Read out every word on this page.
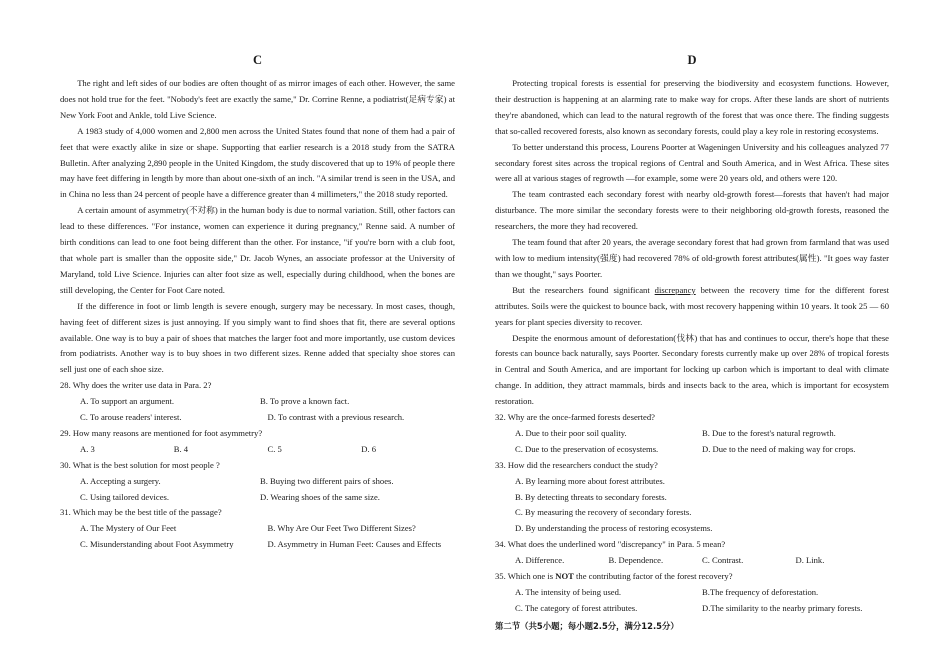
C

The right and left sides of our bodies are often thought of as mirror images of each other. However, the same does not hold true for the feet. "Nobody's feet are exactly the same," Dr. Corrine Renne, a podiatrist(足病专家) at New York Foot and Ankle, told Live Science.

A 1983 study of 4,000 women and 2,800 men across the United States found that none of them had a pair of feet that were exactly alike in size or shape. Supporting that earlier research is a 2018 study from the SATRA Bulletin. After analyzing 2,890 people in the United Kingdom, the study discovered that up to 19% of people there may have feet differing in length by more than about one-sixth of an inch. "A similar trend is seen in the USA, and in China no less than 24 percent of people have a difference greater than 4 millimeters," the 2018 study reported.

A certain amount of asymmetry(不对称) in the human body is due to normal variation. Still, other factors can lead to these differences. "For instance, women can experience it during pregnancy," Renne said. A number of birth conditions can lead to one foot being different than the other. For instance, "if you're born with a club foot, that whole part is smaller than the opposite side," Dr. Jacob Wynes, an associate professor at the University of Maryland, told Live Science. Injuries can alter foot size as well, especially during childhood, when the bones are still developing, the Center for Foot Care noted.

If the difference in foot or limb length is severe enough, surgery may be necessary. In most cases, though, having feet of different sizes is just annoying. If you simply want to find shoes that fit, there are several options available. One way is to buy a pair of shoes that matches the larger foot and more importantly, use custom devices from podiatrists. Another way is to buy shoes in two different sizes. Renne added that specialty shoe stores can sell just one of each shoe size.

28. Why does the writer use data in Para. 2?
A. To support an argument.	B. To prove a known fact.
C. To arouse readers' interest.	D. To contrast with a previous research.
29. How many reasons are mentioned for foot asymmetry?
A. 3	B. 4	C. 5	D. 6
30. What is the best solution for most people ?
A. Accepting a surgery.	B. Buying two different pairs of shoes.
C. Using tailored devices.	D. Wearing shoes of the same size.
31. Which may be the best title of the passage?
A. The Mystery of Our Feet	B. Why Are Our Feet Two Different Sizes?
C. Misunderstanding about Foot Asymmetry	D. Asymmetry in Human Feet: Causes and Effects
D

Protecting tropical forests is essential for preserving the biodiversity and ecosystem functions. However, their destruction is happening at an alarming rate to make way for crops. After these lands are short of nutrients they're abandoned, which can lead to the natural regrowth of the forest that was once there. The finding suggests that so-called recovered forests, also known as secondary forests, could play a key role in restoring ecosystems.

To better understand this process, Lourens Poorter at Wageningen University and his colleagues analyzed 77 secondary forest sites across the tropical regions of Central and South America, and in West Africa. These sites were all at various stages of regrowth —for example, some were 20 years old, and others were 120.

The team contrasted each secondary forest with nearby old-growth forest—forests that haven't had major disturbance. The more similar the secondary forests were to their neighboring old-growth forests, reasoned the researchers, the more they had recovered.

The team found that after 20 years, the average secondary forest that had grown from farmland that was used with low to medium intensity(强度) had recovered 78% of old-growth forest attributes(属性). "It goes way faster than we thought," says Poorter.

But the researchers found significant discrepancy between the recovery time for the different forest attributes. Soils were the quickest to bounce back, with most recovery happening within 10 years. It took 25 — 60 years for plant species diversity to recover.

Despite the enormous amount of deforestation(伐林) that has and continues to occur, there's hope that these forests can bounce back naturally, says Poorter. Secondary forests currently make up over 28% of tropical forests in Central and South America, and are important for locking up carbon which is important to deal with climate change. In addition, they attract mammals, birds and insects back to the area, which is important for ecosystem restoration.

32. Why are the once-farmed forests deserted?
A. Due to their poor soil quality.	B. Due to the forest's natural regrowth.
C. Due to the preservation of ecosystems.	D. Due to the need of making way for crops.
33. How did the researchers conduct the study?
A. By learning more about forest attributes.
B. By detecting threats to secondary forests.
C. By measuring the recovery of secondary forests.
D. By understanding the process of restoring ecosystems.
34. What does the underlined word "discrepancy" in Para. 5 mean?
A. Difference.	B. Dependence.	C. Contrast.	D. Link.
35. Which one is NOT the contributing factor of the forest recovery?
A. The intensity of being used.	B.The frequency of deforestation.
C. The category of forest attributes.	D.The similarity to the nearby primary forests.
第二节（共5小题；每小题2.5分，满分12.5分）
